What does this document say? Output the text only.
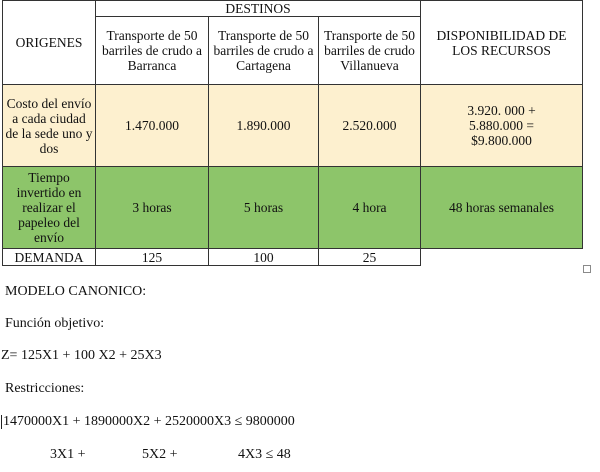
ORIGENES	DESTINOS			DISPONIBILIDAD DE LOS RECURSOS
	Transporte de 50 barriles de crudo a Barranca	Transporte de 50 barriles de crudo a Cartagena	Transporte de 50 barriles de crudo Villanueva	
Costo del envío a cada ciudad de la sede uno y dos	1.470.000	1.890.000	2.520.000	3.920. 000 + 5.880.000 = $9.800.000
Tiempo invertido en realizar el papeleo del envío	3 horas	5 horas	4 hora	48 horas semanales
DEMANDA	125	100	25	
MODELO CANONICO:
Función objetivo:
Z= 125X1 + 100 X2 + 25X3
Restricciones:
1470000X1 + 1890000X2 + 2520000X3 ≤ 9800000
3X1 +	5X2 +	4X3 ≤ 48
